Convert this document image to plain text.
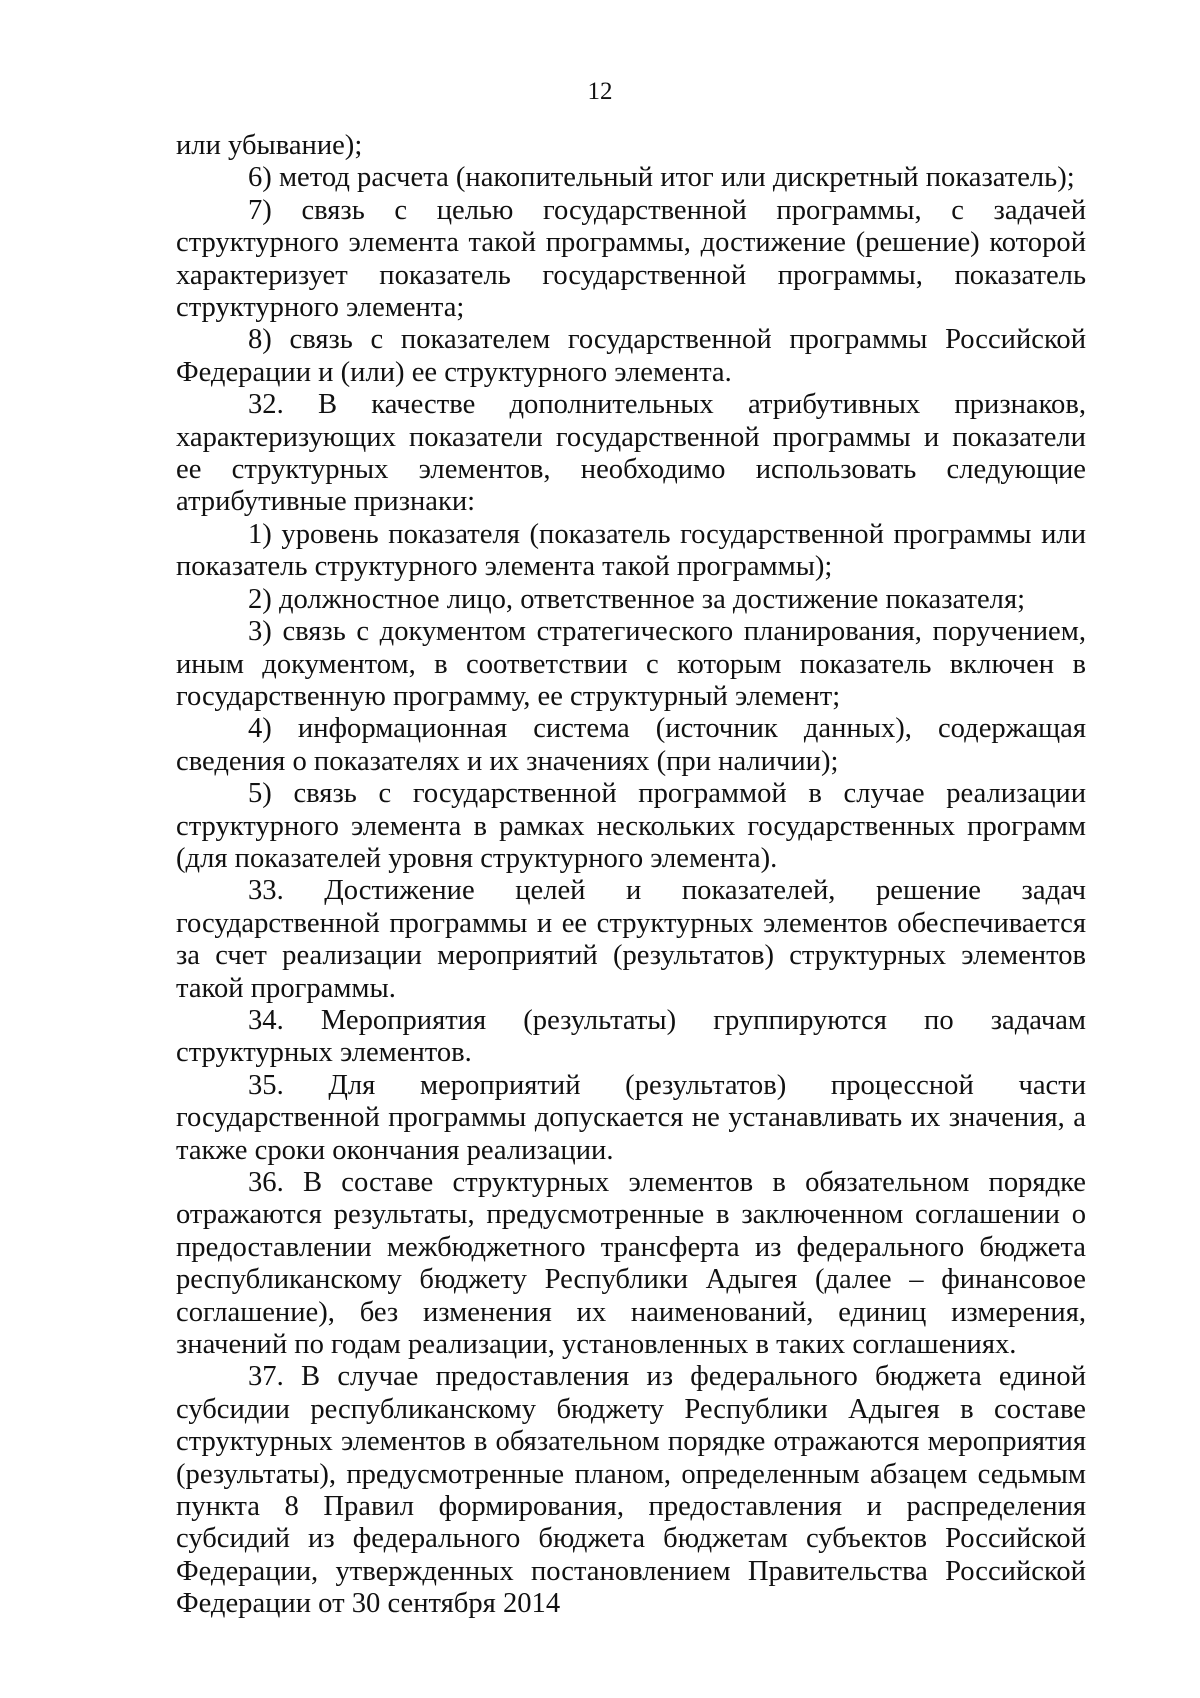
12

или убывание);

6) метод расчета (накопительный итог или дискретный показатель);

7) связь с целью государственной программы, с задачей структурного элемента такой программы, достижение (решение) которой характеризует показатель государственной программы, показатель структурного элемента;

8) связь с показателем государственной программы Российской Федерации и (или) ее структурного элемента.

32. В качестве дополнительных атрибутивных признаков, характеризующих показатели государственной программы и показатели ее структурных элементов, необходимо использовать следующие атрибутивные признаки:

1) уровень показателя (показатель государственной программы или показатель структурного элемента такой программы);

2) должностное лицо, ответственное за достижение показателя;

3) связь с документом стратегического планирования, поручением, иным документом, в соответствии с которым показатель включен в государственную программу, ее структурный элемент;

4) информационная система (источник данных), содержащая сведения о показателях и их значениях (при наличии);

5) связь с государственной программой в случае реализации структурного элемента в рамках нескольких государственных программ (для показателей уровня структурного элемента).

33. Достижение целей и показателей, решение задач государственной программы и ее структурных элементов обеспечивается за счет реализации мероприятий (результатов) структурных элементов такой программы.

34. Мероприятия (результаты) группируются по задачам структурных элементов.

35. Для мероприятий (результатов) процессной части государственной программы допускается не устанавливать их значения, а также сроки окончания реализации.

36. В составе структурных элементов в обязательном порядке отражаются результаты, предусмотренные в заключенном соглашении о предоставлении межбюджетного трансферта из федерального бюджета республиканскому бюджету Республики Адыгея (далее – финансовое соглашение), без изменения их наименований, единиц измерения, значений по годам реализации, установленных в таких соглашениях.

37. В случае предоставления из федерального бюджета единой субсидии республиканскому бюджету Республики Адыгея в составе структурных элементов в обязательном порядке отражаются мероприятия (результаты), предусмотренные планом, определенным абзацем седьмым пункта 8 Правил формирования, предоставления и распределения субсидий из федерального бюджета бюджетам субъектов Российской Федерации, утвержденных постановлением Правительства Российской Федерации от 30 сентября 2014
